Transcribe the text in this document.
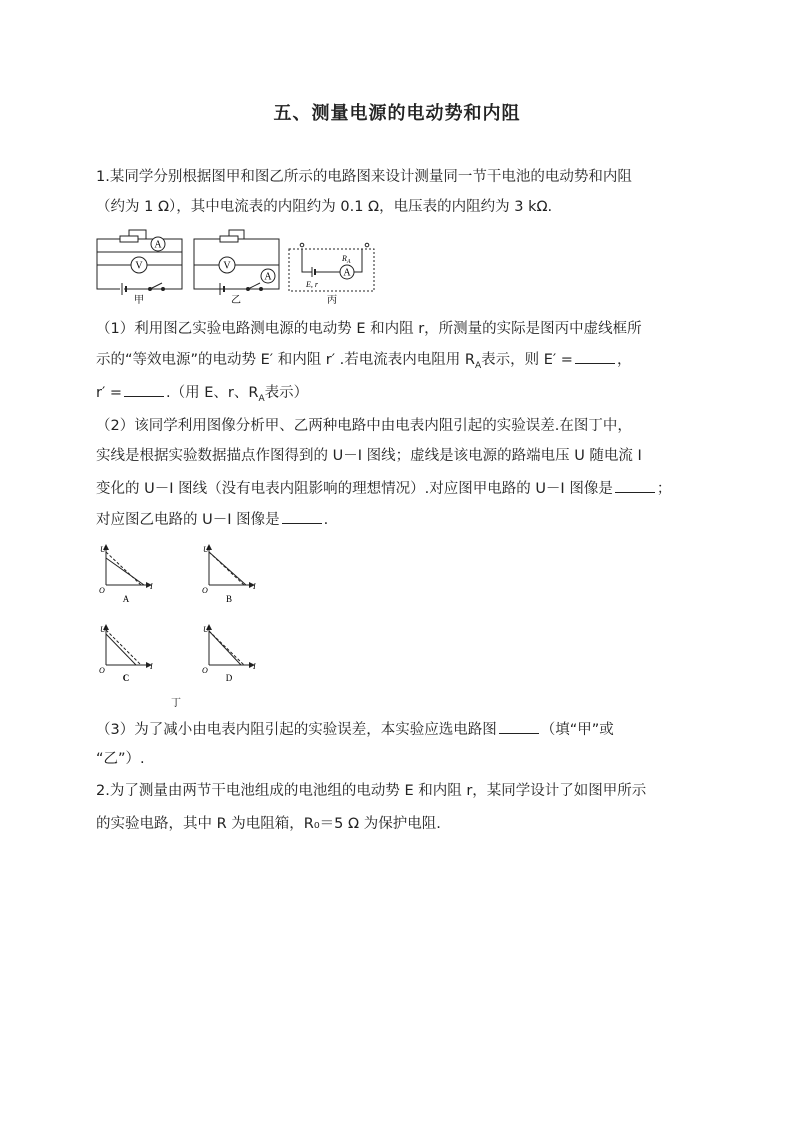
五、测量电源的电动势和内阻
1.某同学分别根据图甲和图乙所示的电路图来设计测量同一节干电池的电动势和内阻
（约为 1 Ω），其中电流表的内阻约为 0.1 Ω，电压表的内阻约为 3 kΩ.
A
V	V
A	A
$R_A$
E, r
甲	乙	丙
（1）利用图乙实验电路测电源的电动势 E 和内阻 r，所测量的实际是图丙中虚线框所
示的“等效电源”的电动势 E′ 和内阻 r′ .若电流表内电阻用 $R_A$表示，则 E′ =	，
r′ =	.（用 E、r、$R_A$表示）
（2）该同学利用图像分析甲、乙两种电路中由电表内阻引起的实验误差.在图丁中，
实线是根据实验数据描点作图得到的 U－I 图线；虚线是该电源的路端电压 U 随电流 I
变化的 U－I 图线（没有电表内阻影响的理想情况）.对应图甲电路的 U－I 图像是	；
对应图乙电路的 U－I 图像是	.
U
I
O
A
U
I
O
B
U
I
O
C
U
I
O
D
丁
（3）为了减小由电表内阻引起的实验误差，本实验应选电路图	（填“甲”或
“乙”）.
2.为了测量由两节干电池组成的电池组的电动势 E 和内阻 r，某同学设计了如图甲所示
的实验电路，其中 R 为电阻箱，R₀＝5 Ω 为保护电阻.
